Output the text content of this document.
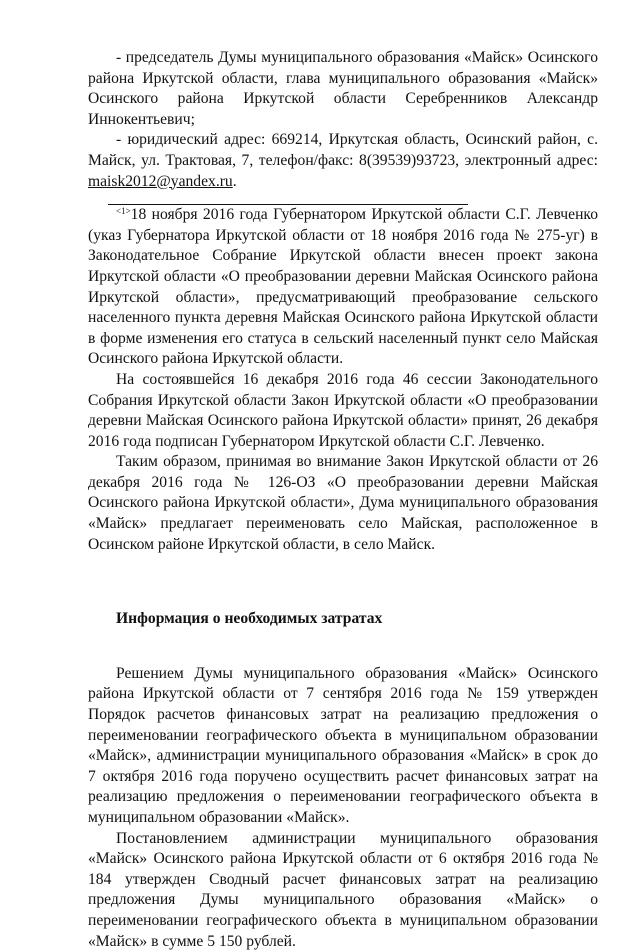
- председатель Думы муниципального образования «Майск» Осинского района Иркутской области, глава муниципального образования «Майск» Осинского района Иркутской области Серебренников Александр Иннокентьевич;

- юридический адрес: 669214, Иркутская область, Осинский район, с. Майск, ул. Трактовая, 7, телефон/факс: 8(39539)93723, электронный адрес: maisk2012@yandex.ru.

$^{<1>}$18 ноября 2016 года Губернатором Иркутской области С.Г. Левченко (указ Губернатора Иркутской области от 18 ноября 2016 года № 275-уг) в Законодательное Собрание Иркутской области внесен проект закона Иркутской области «О преобразовании деревни Майская Осинского района Иркутской области», предусматривающий преобразование сельского населенного пункта деревня Майская Осинского района Иркутской области в форме изменения его статуса в сельский населенный пункт село Майская Осинского района Иркутской области.

На состоявшейся 16 декабря 2016 года 46 сессии Законодательного Собрания Иркутской области Закон Иркутской области «О преобразовании деревни Майская Осинского района Иркутской области» принят, 26 декабря 2016 года подписан Губернатором Иркутской области С.Г. Левченко.

Таким образом, принимая во внимание Закон Иркутской области от 26 декабря 2016 года № 126-ОЗ «О преобразовании деревни Майская Осинского района Иркутской области», Дума муниципального образования «Майск» предлагает переименовать село Майская, расположенное в Осинском районе Иркутской области, в село Майск.

Информация о необходимых затратах

Решением Думы муниципального образования «Майск» Осинского района Иркутской области от 7 сентября 2016 года № 159 утвержден Порядок расчетов финансовых затрат на реализацию предложения о переименовании географического объекта в муниципальном образовании «Майск», администрации муниципального образования «Майск» в срок до 7 октября 2016 года поручено осуществить расчет финансовых затрат на реализацию предложения о переименовании географического объекта в муниципальном образовании «Майск».

Постановлением администрации муниципального образования «Майск» Осинского района Иркутской области от 6 октября 2016 года № 184 утвержден Сводный расчет финансовых затрат на реализацию предложения Думы муниципального образования «Майск» о переименовании географического объекта в муниципальном образовании «Майск» в сумме 5 150 рублей.
